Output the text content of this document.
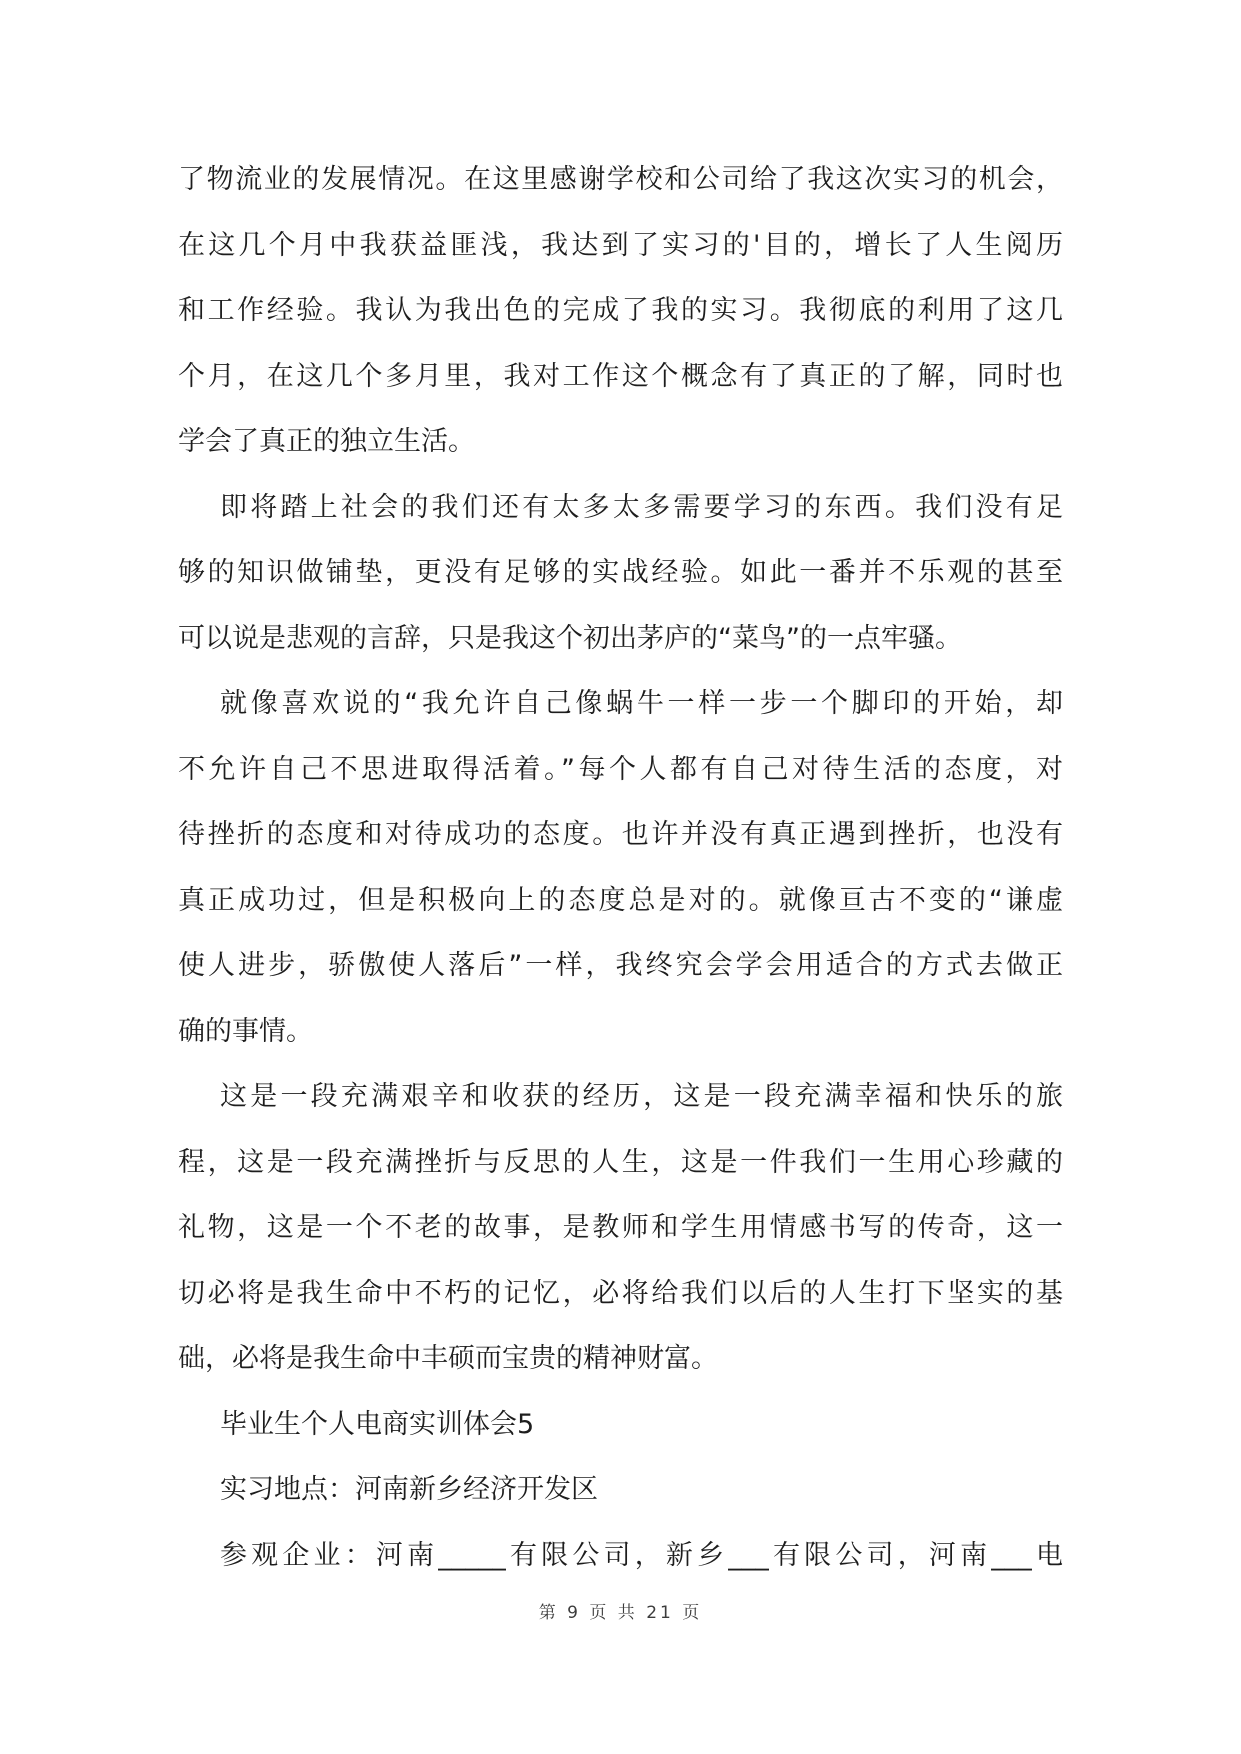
了物流业的发展情况。在这里感谢学校和公司给了我这次实习的机会，
在这几个月中我获益匪浅，我达到了实习的'目的，增长了人生阅历
和工作经验。我认为我出色的完成了我的实习。我彻底的利用了这几
个月，在这几个多月里，我对工作这个概念有了真正的了解，同时也
学会了真正的独立生活。
即将踏上社会的我们还有太多太多需要学习的东西。我们没有足
够的知识做铺垫，更没有足够的实战经验。如此一番并不乐观的甚至
可以说是悲观的言辞，只是我这个初出茅庐的“菜鸟”的一点牢骚。
就像喜欢说的“我允许自己像蜗牛一样一步一个脚印的开始，却
不允许自己不思进取得活着。”每个人都有自己对待生活的态度，对
待挫折的态度和对待成功的态度。也许并没有真正遇到挫折，也没有
真正成功过，但是积极向上的态度总是对的。就像亘古不变的“谦虚
使人进步，骄傲使人落后”一样，我终究会学会用适合的方式去做正
确的事情。
这是一段充满艰辛和收获的经历，这是一段充满幸福和快乐的旅
程，这是一段充满挫折与反思的人生，这是一件我们一生用心珍藏的
礼物，这是一个不老的故事，是教师和学生用情感书写的传奇，这一
切必将是我生命中不朽的记忆，必将给我们以后的人生打下坚实的基
础，必将是我生命中丰硕而宝贵的精神财富。
毕业生个人电商实训体会5
实习地点：河南新乡经济开发区
参观企业：河南_____有限公司，新乡___有限公司，河南___电
第 9 页 共 21 页
